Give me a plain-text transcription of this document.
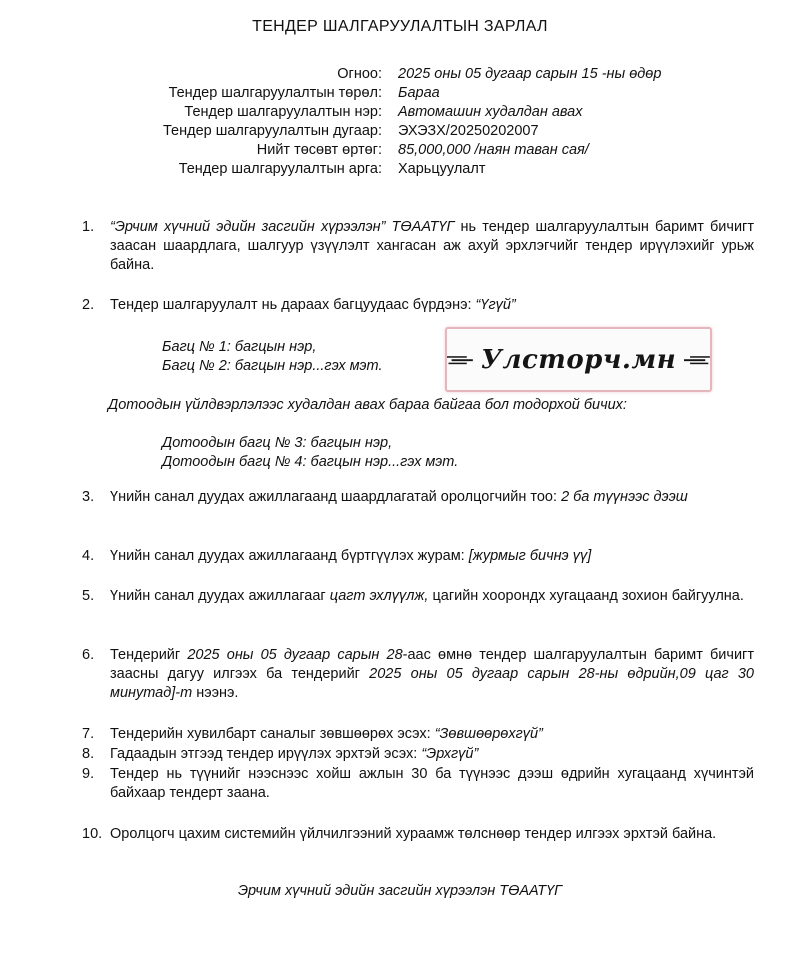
ТЕНДЕР ШАЛГАРУУЛАЛТЫН ЗАРЛАЛ
Огноо: 2025 оны 05 дугаар сарын 15 -ны өдөр
Тендер шалгаруулалтын төрөл: Бараа
Тендер шалгаруулалтын нэр: Автомашин худалдан авах
Тендер шалгаруулалтын дугаар: ЭХЭЗХ/20250202007
Нийт төсөвт өртөг: 85,000,000 /наян таван сая/
Тендер шалгаруулалтын арга: Харьцуулалт
1. “Эрчим хүчний эдийн засгийн хүрээлэн” ТӨААТҮГ нь тендер шалгаруулалтын баримт бичигт заасан шаардлага, шалгуур үзүүлэлт хангасан аж ахуй эрхлэгчийг тендер ирүүлэхийг урьж байна.
2. Тендер шалгаруулалт нь дараах багцуудаас бүрдэнэ: “Үгүй”
Багц № 1: багцын нэр,
Багц № 2: багцын нэр...гэх мэт.	Улсторч.мн
Дотоодын үйлдвэрлэлээс худалдан авах бараа байгаа бол тодорхой бичих:
Дотоодын багц № 3: багцын нэр,
Дотоодын багц № 4: багцын нэр...гэх мэт.
3. Үнийн санал дуудах ажиллагаанд шаардлагатай оролцогчийн тоо: 2 ба түүнээс дээш
4. Үнийн санал дуудах ажиллагаанд бүртгүүлэх журам: [журмыг бичнэ үү]
5. Үнийн санал дуудах ажиллагааг цагт эхлүүлж, цагийн хоорондх хугацаанд зохион байгуулна.
6. Тендерийг 2025 оны 05 дугаар сарын 28-аас өмнө тендер шалгаруулалтын баримт бичигт заасны дагуу илгээх ба тендерийг 2025 оны 05 дугаар сарын 28-ны өдрийн,09 цаг 30 минутад]-т нээнэ.
7. Тендерийн хувилбарт саналыг зөвшөөрөх эсэх: “Зөвшөөрөхгүй”
8. Гадаадын этгээд тендер ирүүлэх эрхтэй эсэх: “Эрхгүй”
9. Тендер нь түүнийг нээснээс хойш ажлын 30 ба түүнээс дээш өдрийн хугацаанд хүчинтэй байхаар тендерт заана.
10. Оролцогч цахим системийн үйлчилгээний хураамж төлснөөр тендер илгээх эрхтэй байна.
Эрчим хүчний эдийн засгийн хүрээлэн ТӨААТҮГ
